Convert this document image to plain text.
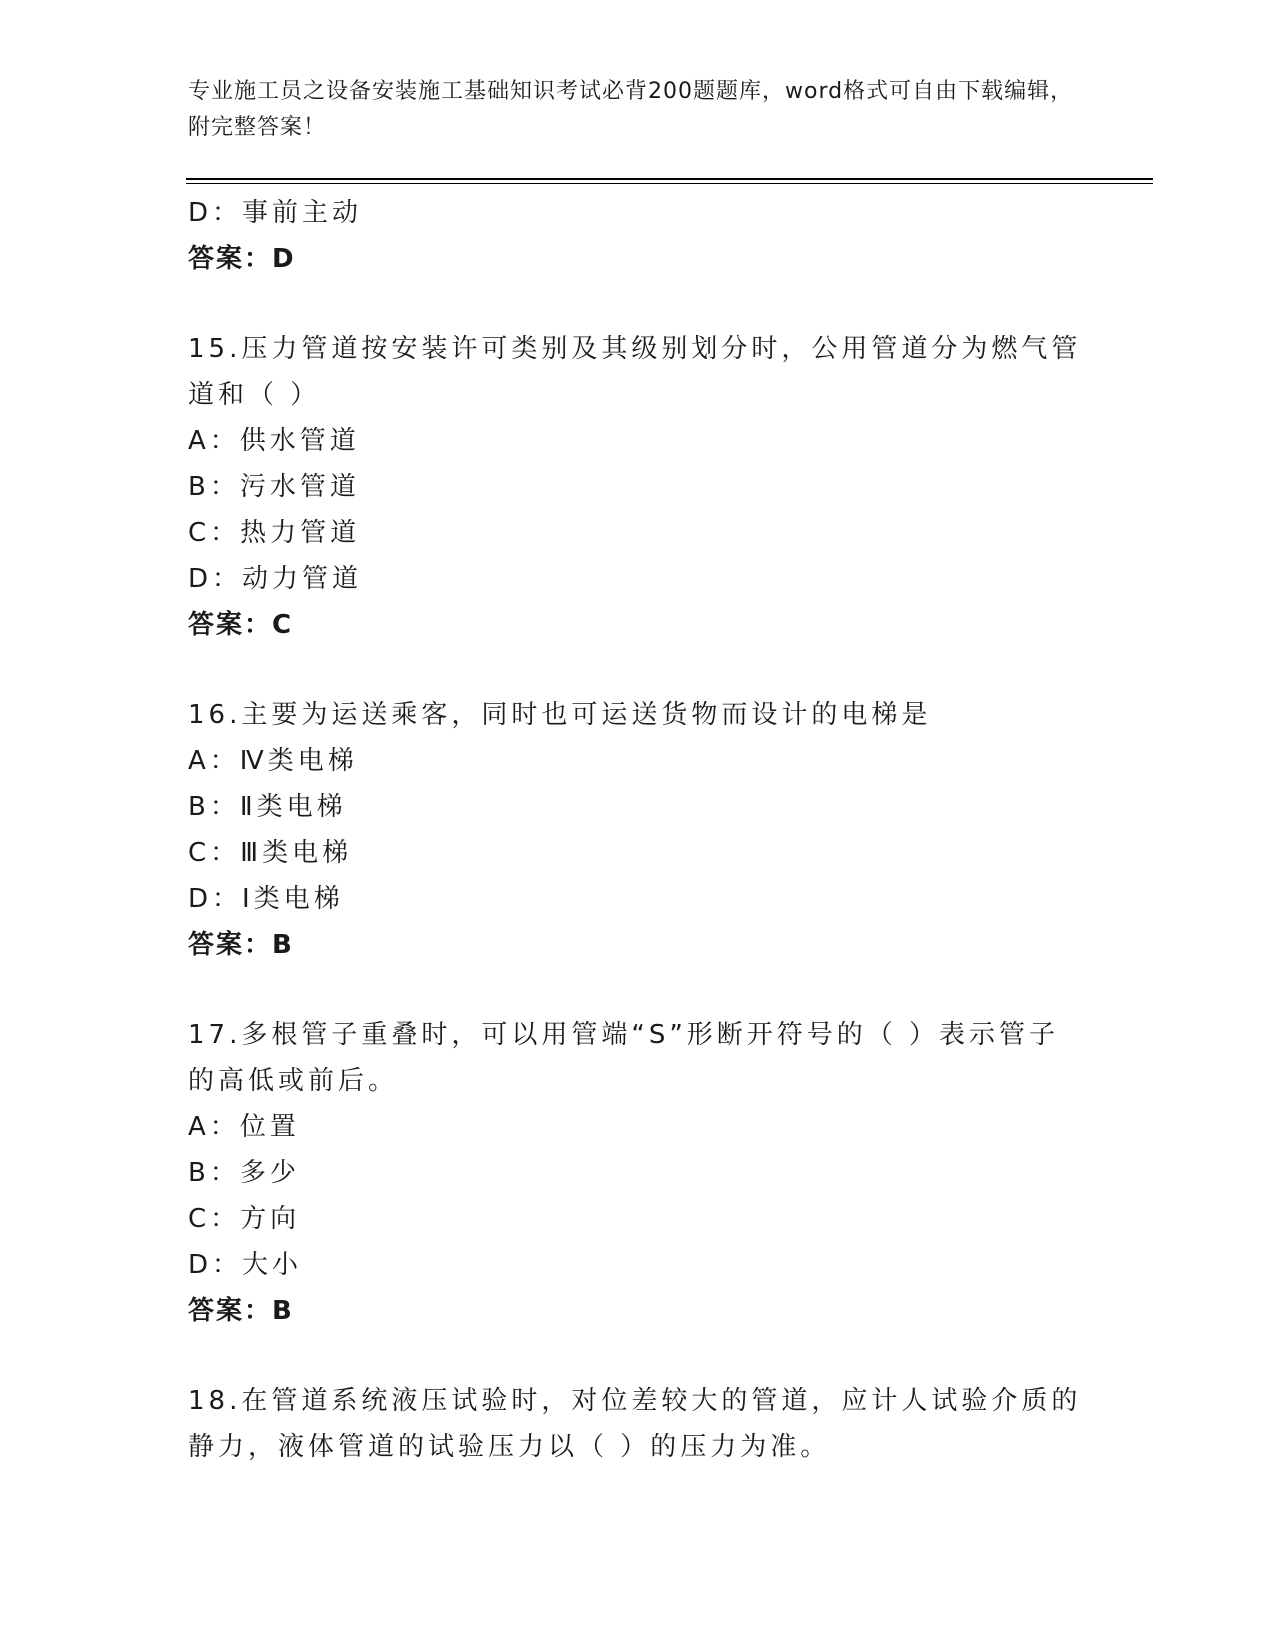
专业施工员之设备安装施工基础知识考试必背200题题库，word格式可自由下载编辑，附完整答案！
D：事前主动
答案：D
15.压力管道按安装许可类别及其级别划分时，公用管道分为燃气管道和（ ）
A：供水管道
B：污水管道
C：热力管道
D：动力管道
答案：C
16.主要为运送乘客，同时也可运送货物而设计的电梯是
A：Ⅳ类电梯
B：Ⅱ类电梯
C：Ⅲ类电梯
D：Ⅰ类电梯
答案：B
17.多根管子重叠时，可以用管端“S”形断开符号的（ ）表示管子的高低或前后。
A：位置
B：多少
C：方向
D：大小
答案：B
18.在管道系统液压试验时，对位差较大的管道，应计人试验介质的静力，液体管道的试验压力以（ ）的压力为准。
